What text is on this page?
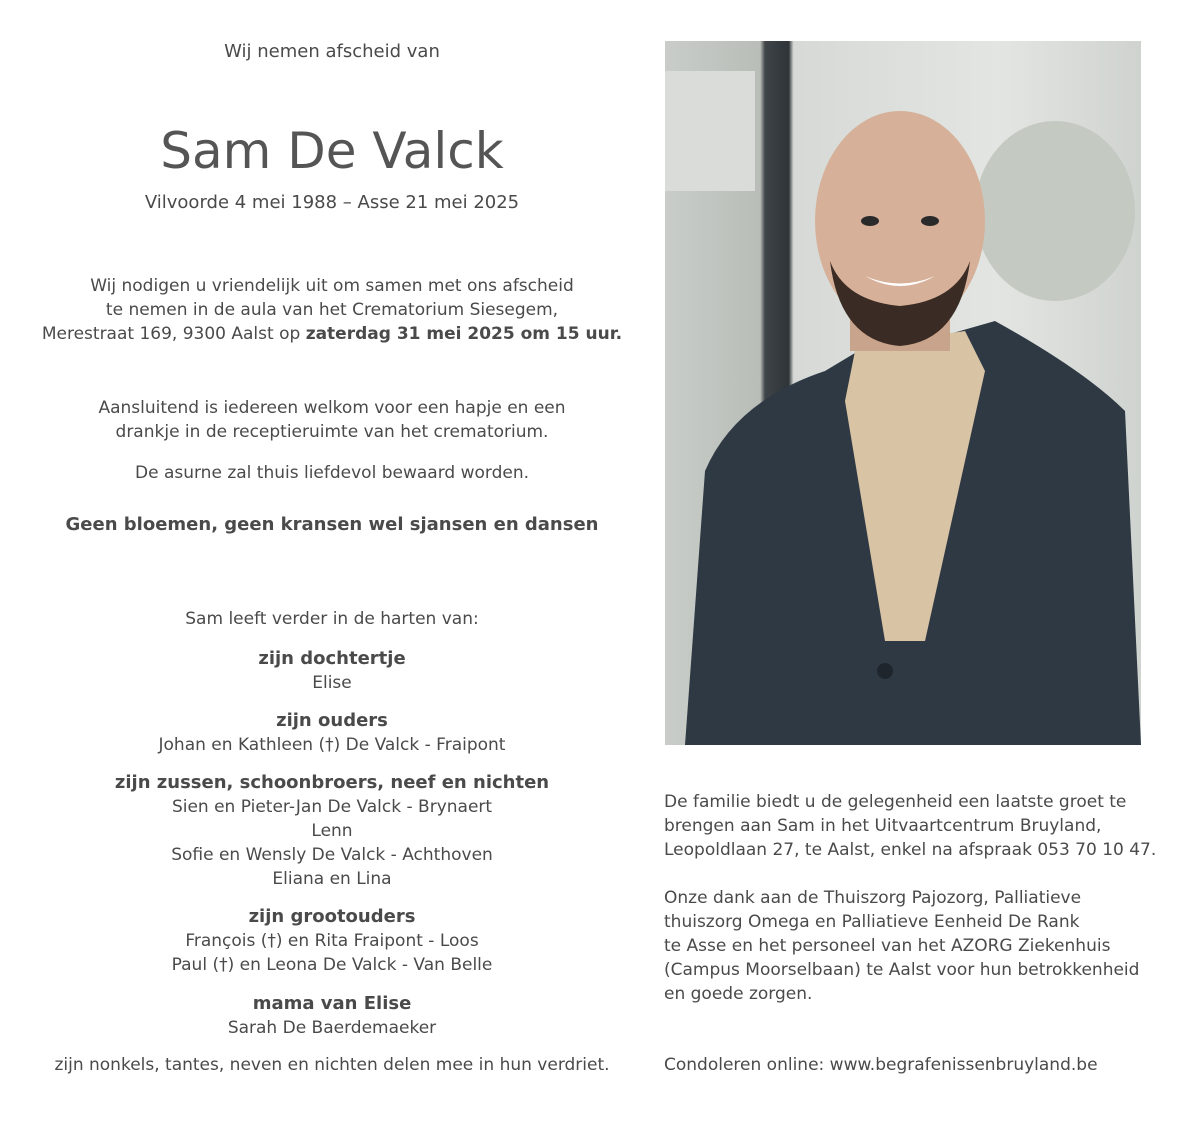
Wij nemen afscheid van
Sam De Valck
Vilvoorde 4 mei 1988 – Asse 21 mei 2025
Wij nodigen u vriendelijk uit om samen met ons afscheid
te nemen in de aula van het Crematorium Siesegem,
Merestraat 169, 9300 Aalst op zaterdag 31 mei 2025 om 15 uur.
Aansluitend is iedereen welkom voor een hapje en een
drankje in de receptieruimte van het crematorium.
De asurne zal thuis liefdevol bewaard worden.
Geen bloemen, geen kransen wel sjansen en dansen
Sam leeft verder in de harten van:
zijn dochtertje
Elise
zijn ouders
Johan en Kathleen (†) De Valck - Fraipont
zijn zussen, schoonbroers, neef en nichten
Sien en Pieter-Jan De Valck - Brynaert
Lenn
Sofie en Wensly De Valck - Achthoven
Eliana en Lina
zijn grootouders
François (†) en Rita Fraipont - Loos
Paul (†) en Leona De Valck - Van Belle
mama van Elise
Sarah De Baerdemaeker
zijn nonkels, tantes, neven en nichten delen mee in hun verdriet.
De familie biedt u de gelegenheid een laatste groet te
brengen aan Sam in het Uitvaartcentrum Bruyland,
Leopoldlaan 27, te Aalst, enkel na afspraak 053 70 10 47.
Onze dank aan de Thuiszorg Pajozorg, Palliatieve
thuiszorg Omega en Palliatieve Eenheid De Rank
te Asse en het personeel van het AZORG Ziekenhuis
(Campus Moorselbaan) te Aalst voor hun betrokkenheid
en goede zorgen.
Condoleren online: www.begrafenissenbruyland.be
